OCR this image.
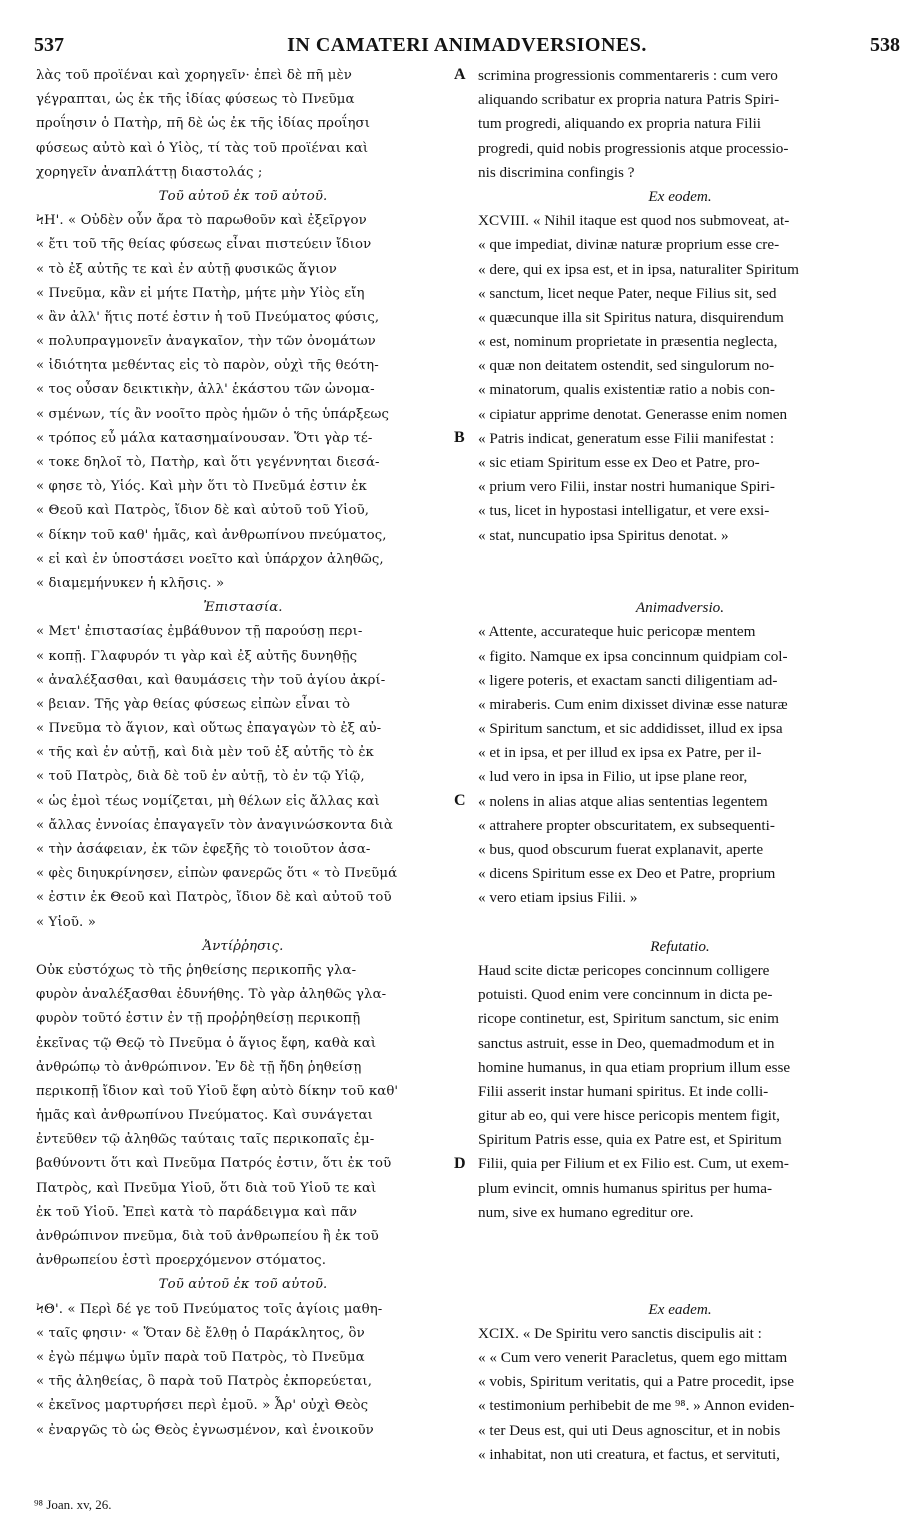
537	IN CAMATERI ANIMADVERSIONES.	538
λὰς τοῦ προϊέναι καὶ χορηγεῖν· ἐπεὶ δὲ πῆ μὲν
γέγραπται, ὡς ἐκ τῆς ἰδίας φύσεως τὸ Πνεῦμα
προΐησιν ὁ Πατὴρ, πῆ δὲ ὡς ἐκ τῆς ἰδίας προΐησι
φύσεως αὐτὸ καὶ ὁ Υἱὸς, τί τὰς τοῦ προϊέναι καὶ
χορηγεῖν ἀναπλάττῃ διαστολάς ;
Τοῦ αὐτοῦ ἐκ τοῦ αὐτοῦ.
ϞΗ'. « Οὐδὲν οὖν ἄρα τὸ παρωθοῦν καὶ ἐξεῖργον
« ἔτι τοῦ τῆς θείας φύσεως εἶναι πιστεύειν ἴδιον
« τὸ ἐξ αὐτῆς τε καὶ ἐν αὐτῇ φυσικῶς ἅγιον
« Πνεῦμα, κἂν εἰ μήτε Πατὴρ, μήτε μὴν Υἱὸς εἴη
« ἂν ἀλλ' ἥτις ποτέ ἐστιν ἡ τοῦ Πνεύματος φύσις,
« πολυπραγμονεῖν ἀναγκαῖον, τὴν τῶν ὀνομάτων
« ἰδιότητα μεθέντας εἰς τὸ παρὸν, οὐχὶ τῆς θεότη-
« τος οὖσαν δεικτικὴν, ἀλλ' ἑκάστου τῶν ὠνομα-
« σμένων, τίς ἂν νοοῖτο πρὸς ἡμῶν ὁ τῆς ὑπάρξεως
« τρόπος εὖ μάλα κατασημαίνουσαν. Ὅτι γὰρ τέ-
« τοκε δηλοῖ τὸ, Πατὴρ, καὶ ὅτι γεγέννηται διεσά-
« φησε τὸ, Υἱός. Καὶ μὴν ὅτι τὸ Πνεῦμά ἐστιν ἐκ
« Θεοῦ καὶ Πατρὸς, ἴδιον δὲ καὶ αὐτοῦ τοῦ Υἱοῦ,
« δίκην τοῦ καθ' ἡμᾶς, καὶ ἀνθρωπίνου πνεύματος,
« εἰ καὶ ἐν ὑποστάσει νοεῖτο καὶ ὑπάρχον ἀληθῶς,
« διαμεμήνυκεν ἡ κλῆσις. »
Ἐπιστασία.
« Μετ' ἐπιστασίας ἐμβάθυνον τῇ παρούσῃ περι-
« κοπῇ. Γλαφυρόν τι γὰρ καὶ ἐξ αὐτῆς δυνηθῇς
« ἀναλέξασθαι, καὶ θαυμάσεις τὴν τοῦ ἁγίου ἀκρί-
« βειαν. Τῆς γὰρ θείας φύσεως εἰπὼν εἶναι τὸ
« Πνεῦμα τὸ ἅγιον, καὶ οὕτως ἐπαγαγὼν τὸ ἐξ αὐ-
« τῆς καὶ ἐν αὐτῇ, καὶ διὰ μὲν τοῦ ἐξ αὐτῆς τὸ ἐκ
« τοῦ Πατρὸς, διὰ δὲ τοῦ ἐν αὐτῇ, τὸ ἐν τῷ Υἱῷ,
« ὡς ἐμοὶ τέως νομίζεται, μὴ θέλων εἰς ἄλλας καὶ
« ἄλλας ἐννοίας ἐπαγαγεῖν τὸν ἀναγινώσκοντα διὰ
« τὴν ἀσάφειαν, ἐκ τῶν ἐφεξῆς τὸ τοιοῦτον ἀσα-
« φὲς διηυκρίνησεν, εἰπὼν φανερῶς ὅτι « τὸ Πνεῦμά
« ἐστιν ἐκ Θεοῦ καὶ Πατρὸς, ἴδιον δὲ καὶ αὐτοῦ τοῦ
« Υἱοῦ. »
Ἀντίῤῥησις.
Οὐκ εὐστόχως τὸ τῆς ῥηθείσης περικοπῆς γλα-
φυρὸν ἀναλέξασθαι ἐδυνήθης. Τὸ γὰρ ἀληθῶς γλα-
φυρὸν τοῦτό ἐστιν ἐν τῇ προῤῥηθείσῃ περικοπῇ
ἐκεῖνας τῷ Θεῷ τὸ Πνεῦμα ὁ ἅγιος ἔφη, καθὰ καὶ
ἀνθρώπῳ τὸ ἀνθρώπινον. Ἐν δὲ τῇ ἤδη ῥηθείσῃ
περικοπῇ ἴδιον καὶ τοῦ Υἱοῦ ἔφη αὐτὸ δίκην τοῦ καθ'
ἡμᾶς καὶ ἀνθρωπίνου Πνεύματος. Καὶ συνάγεται
ἐντεῦθεν τῷ ἀληθῶς ταύταις ταῖς περικοπαῖς ἐμ-
βαθύνοντι ὅτι καὶ Πνεῦμα Πατρός ἐστιν, ὅτι ἐκ τοῦ
Πατρὸς, καὶ Πνεῦμα Υἱοῦ, ὅτι διὰ τοῦ Υἱοῦ τε καὶ
ἐκ τοῦ Υἱοῦ. Ἐπεὶ κατὰ τὸ παράδειγμα καὶ πᾶν
ἀνθρώπινον πνεῦμα, διὰ τοῦ ἀνθρωπείου ἢ ἐκ τοῦ
ἀνθρωπείου ἐστὶ προερχόμενον στόματος.
Τοῦ αὐτοῦ ἐκ τοῦ αὐτοῦ.
ϞΘ'. « Περὶ δέ γε τοῦ Πνεύματος τοῖς ἁγίοις μαθη-
« ταῖς φησιν· « Ὅταν δὲ ἔλθῃ ὁ Παράκλητος, ὃν
« ἐγὼ πέμψω ὑμῖν παρὰ τοῦ Πατρὸς, τὸ Πνεῦμα
« τῆς ἀληθείας, ὃ παρὰ τοῦ Πατρὸς ἐκπορεύεται,
« ἐκεῖνος μαρτυρήσει περὶ ἐμοῦ. » Ἆρ' οὐχὶ Θεὸς
« ἐναργῶς τὸ ὡς Θεὸς ἐγνωσμένον, καὶ ἐνοικοῦν
scrimina progressionis commentareris : cum vero
aliquando scribatur ex propria natura Patris Spiri-
tum progredi, aliquando ex propria natura Filii
progredi, quid nobis progressionis atque processio-
nis discrimina confingis ?
Ex eodem.
XCVIII. « Nihil itaque est quod nos submoveat, at-
« que impediat, divinæ naturæ proprium esse cre-
« dere, qui ex ipsa est, et in ipsa, naturaliter Spiritum
« sanctum, licet neque Pater, neque Filius sit, sed
« quæcunque illa sit Spiritus natura, disquirendum
« est, nominum proprietate in præsentia neglecta,
« quæ non deitatem ostendit, sed singulorum no-
« minatorum, qualis existentiæ ratio a nobis con-
« cipiatur apprime denotat. Generasse enim nomen
« Patris indicat, generatum esse Filii manifestat :
« sic etiam Spiritum esse ex Deo et Patre, pro-
« prium vero Filii, instar nostri humanique Spiri-
« tus, licet in hypostasi intelligatur, et vere exsi-
« stat, nuncupatio ipsa Spiritus denotat. »
Animadversio.
« Attente, accurateque huic pericopæ mentem
« figito. Namque ex ipsa concinnum quidpiam col-
« ligere poteris, et exactam sancti diligentiam ad-
« miraberis. Cum enim dixisset divinæ esse naturæ
« Spiritum sanctum, et sic addidisset, illud ex ipsa
« et in ipsa, et per illud ex ipsa ex Patre, per il-
« lud vero in ipsa in Filio, ut ipse plane reor,
« nolens in alias atque alias sententias legentem
« attrahere propter obscuritatem, ex subsequenti-
« bus, quod obscurum fuerat explanavit, aperte
« dicens Spiritum esse ex Deo et Patre, proprium
« vero etiam ipsius Filii. »
Refutatio.
Haud scite dictæ pericopes concinnum colligere
potuisti. Quod enim vere concinnum in dicta pe-
ricope continetur, est, Spiritum sanctum, sic enim
sanctus astruit, esse in Deo, quemadmodum et in
homine humanus, in qua etiam proprium illum esse
Filii asserit instar humani spiritus. Et inde colli-
gitur ab eo, qui vere hisce pericopis mentem figit,
Spiritum Patris esse, quia ex Patre est, et Spiritum
Filii, quia per Filium et ex Filio est. Cum, ut exem-
plum evincit, omnis humanus spiritus per huma-
num, sive ex humano egreditur ore.
Ex eadem.
XCIX. « De Spiritu vero sanctis discipulis ait :
« « Cum vero venerit Paracletus, quem ego mittam
« vobis, Spiritum veritatis, qui a Patre procedit, ipse
« testimonium perhibebit de me ⁹⁸. » Annon eviden-
« ter Deus est, qui uti Deus agnoscitur, et in nobis
« inhabitat, non uti creatura, et factus, et servituti,
A
B
C
D
⁹⁸ Joan. xv, 26.
